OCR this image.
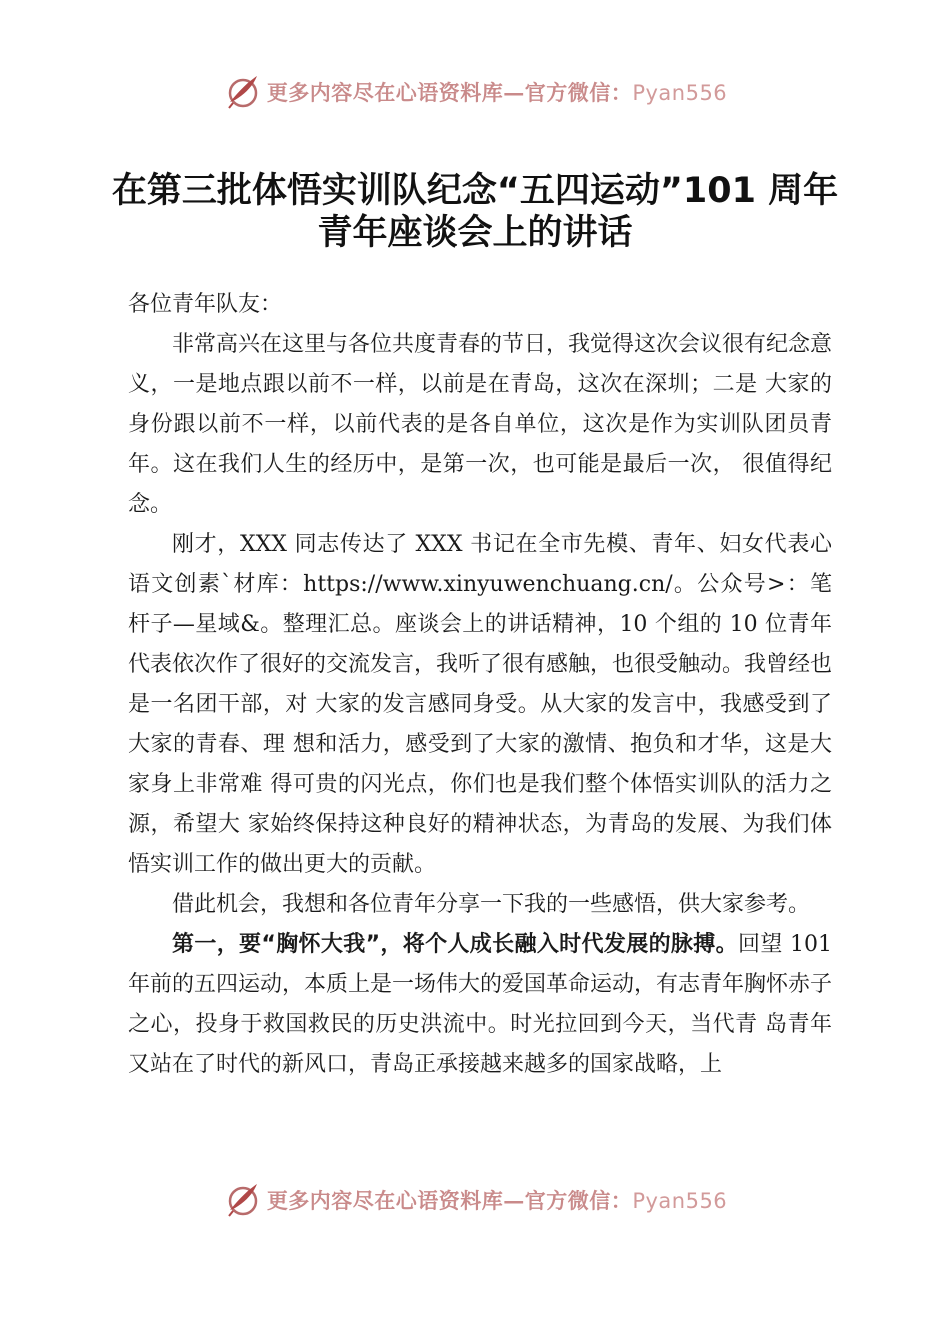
更多内容尽在心语资料库—官方微信：Pyan556
在第三批体悟实训队纪念“五四运动”101 周年青年座谈会上的讲话

各位青年队友：

非常高兴在这里与各位共度青春的节日，我觉得这次会议很有纪念意义，一是地点跟以前不一样，以前是在青岛，这次在深圳；二是 大家的身份跟以前不一样，以前代表的是各自单位，这次是作为实训队团员青年。这在我们人生的经历中，是第一次，也可能是最后一次， 很值得纪念。

刚才，XXX 同志传达了 XXX 书记在全市先模、青年、妇女代表心语文创素`材库：https://www.xinyuwenchuang.cn/。公众号>：笔杆子—星域&。整理汇总。座谈会上的讲话精神，10 个组的 10 位青年代表依次作了很好的交流发言，我听了很有感触，也很受触动。我曾经也是一名团干部，对 大家的发言感同身受。从大家的发言中，我感受到了大家的青春、理 想和活力，感受到了大家的激情、抱负和才华，这是大家身上非常难 得可贵的闪光点，你们也是我们整个体悟实训队的活力之源，希望大 家始终保持这种良好的精神状态，为青岛的发展、为我们体悟实训工作的做出更大的贡献。

借此机会，我想和各位青年分享一下我的一些感悟，供大家参考。

第一，要“胸怀大我”，将个人成长融入时代发展的脉搏。回望 101 年前的五四运动，本质上是一场伟大的爱国革命运动，有志青年胸怀赤子之心，投身于救国救民的历史洪流中。时光拉回到今天，当代青 岛青年又站在了时代的新风口，青岛正承接越来越多的国家战略，上

更多内容尽在心语资料库—官方微信：Pyan556
